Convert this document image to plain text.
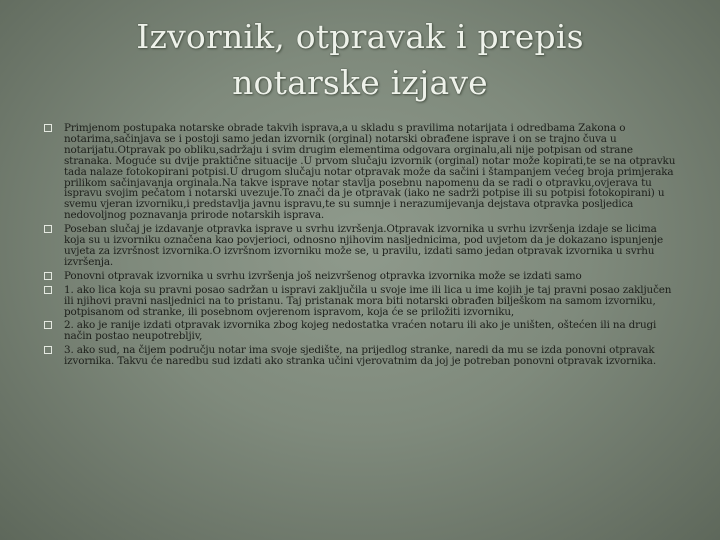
Izvornik, otpravak i prepis
notarske izjave
Primjenom postupaka notarske obrade takvih isprava,a u skladu s pravilima notarijata i odredbama Zakona o notarima,sačinjava se i postoji samo jedan izvornik (orginal) notarski obrađene isprave i on se trajno čuva u notarijatu.Otpravak po obliku,sadržaju i svim drugim elementima odgovara orginalu,ali nije potpisan od strane stranaka. Moguće su dvije praktične situacije .U prvom slučaju izvornik (orginal) notar može kopirati,te se na otpravku tada nalaze fotokopirani potpisi.U drugom slučaju notar otpravak može da sačini i štampanjem većeg broja primjeraka prilikom sačinjavanja orginala.Na takve isprave notar stavlja posebnu napomenu da se radi o otpravku,ovjerava tu ispravu svojim pečatom i notarski uvezuje.To znači da je otpravak (iako ne sadrži potpise ili su potpisi fotokopirani) u svemu vjeran izvorniku,i predstavlja javnu ispravu,te su sumnje i nerazumijevanja dejstava otpravka posljedica nedovoljnog poznavanja prirode notarskih isprava.
Poseban slučaj je izdavanje otpravka isprave u svrhu izvršenja.Otpravak izvornika u svrhu izvršenja izdaje se licima koja su u izvorniku označena kao povjerioci, odnosno njihovim nasljednicima, pod uvjetom da je dokazano ispunjenje uvjeta za izvršnost izvornika.O izvršnom izvorniku može se, u pravilu, izdati samo jedan otpravak izvornika u svrhu izvršenja.
Ponovni otpravak izvornika u svrhu izvršenja još neizvršenog otpravka izvornika može se izdati samo
1. ako lica koja su pravni posao sadržan u ispravi zaključila u svoje ime ili lica u ime kojih je taj pravni posao zaključen ili njihovi pravni nasljednici na to pristanu. Taj pristanak mora biti notarski obrađen bilješkom na samom izvorniku, potpisanom od stranke, ili posebnom ovjerenom ispravom, koja će se priložiti izvorniku,
2. ako je ranije izdati otpravak izvornika zbog kojeg nedostatka vraćen notaru ili ako je uništen, oštećen ili na drugi način postao neupotrebljiv,
3. ako sud, na čijem području notar ima svoje sjedište, na prijedlog stranke, naredi da mu se izda ponovni otpravak izvornika. Takvu će naredbu sud izdati ako stranka učini vjerovatnim da joj je potreban ponovni otpravak izvornika.
